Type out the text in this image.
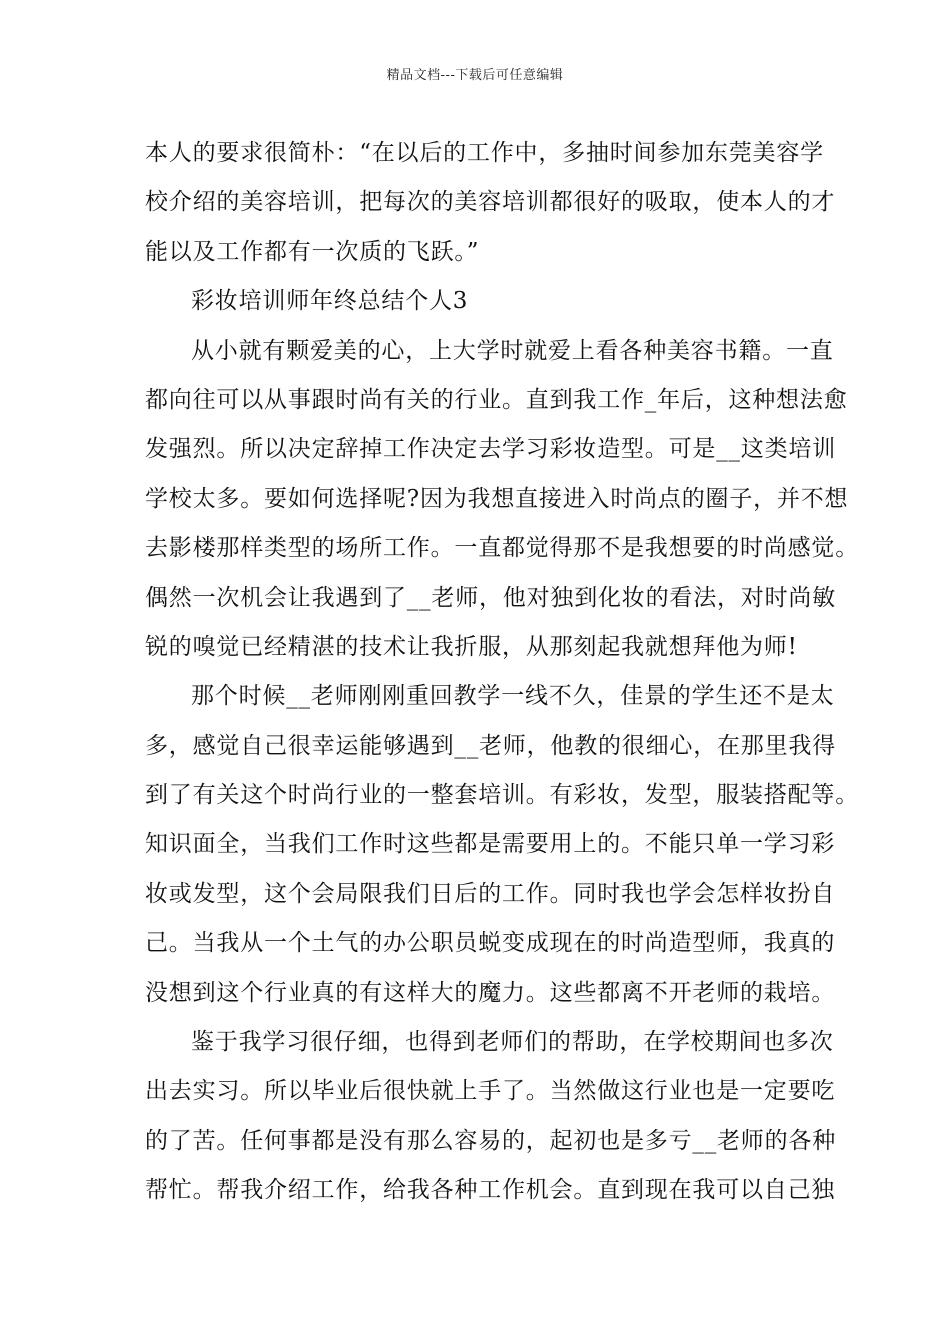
精品文档---下载后可任意编辑
本人的要求很简朴：“在以后的工作中，多抽时间参加东莞美容学
校介绍的美容培训，把每次的美容培训都很好的吸取，使本人的才
能以及工作都有一次质的飞跃。”
彩妆培训师年终总结个人3
从小就有颗爱美的心，上大学时就爱上看各种美容书籍。一直
都向往可以从事跟时尚有关的行业。直到我工作_年后，这种想法愈
发强烈。所以决定辞掉工作决定去学习彩妆造型。可是__这类培训
学校太多。要如何选择呢?因为我想直接进入时尚点的圈子，并不想
去影楼那样类型的场所工作。一直都觉得那不是我想要的时尚感觉。
偶然一次机会让我遇到了__老师，他对独到化妆的看法，对时尚敏
锐的嗅觉已经精湛的技术让我折服，从那刻起我就想拜他为师!
那个时候__老师刚刚重回教学一线不久，佳景的学生还不是太
多，感觉自己很幸运能够遇到__老师，他教的很细心，在那里我得
到了有关这个时尚行业的一整套培训。有彩妆，发型，服装搭配等。
知识面全，当我们工作时这些都是需要用上的。不能只单一学习彩
妆或发型，这个会局限我们日后的工作。同时我也学会怎样妆扮自
己。当我从一个土气的办公职员蜕变成现在的时尚造型师，我真的
没想到这个行业真的有这样大的魔力。这些都离不开老师的栽培。
鉴于我学习很仔细，也得到老师们的帮助，在学校期间也多次
出去实习。所以毕业后很快就上手了。当然做这行业也是一定要吃
的了苦。任何事都是没有那么容易的，起初也是多亏__老师的各种
帮忙。帮我介绍工作，给我各种工作机会。直到现在我可以自己独
